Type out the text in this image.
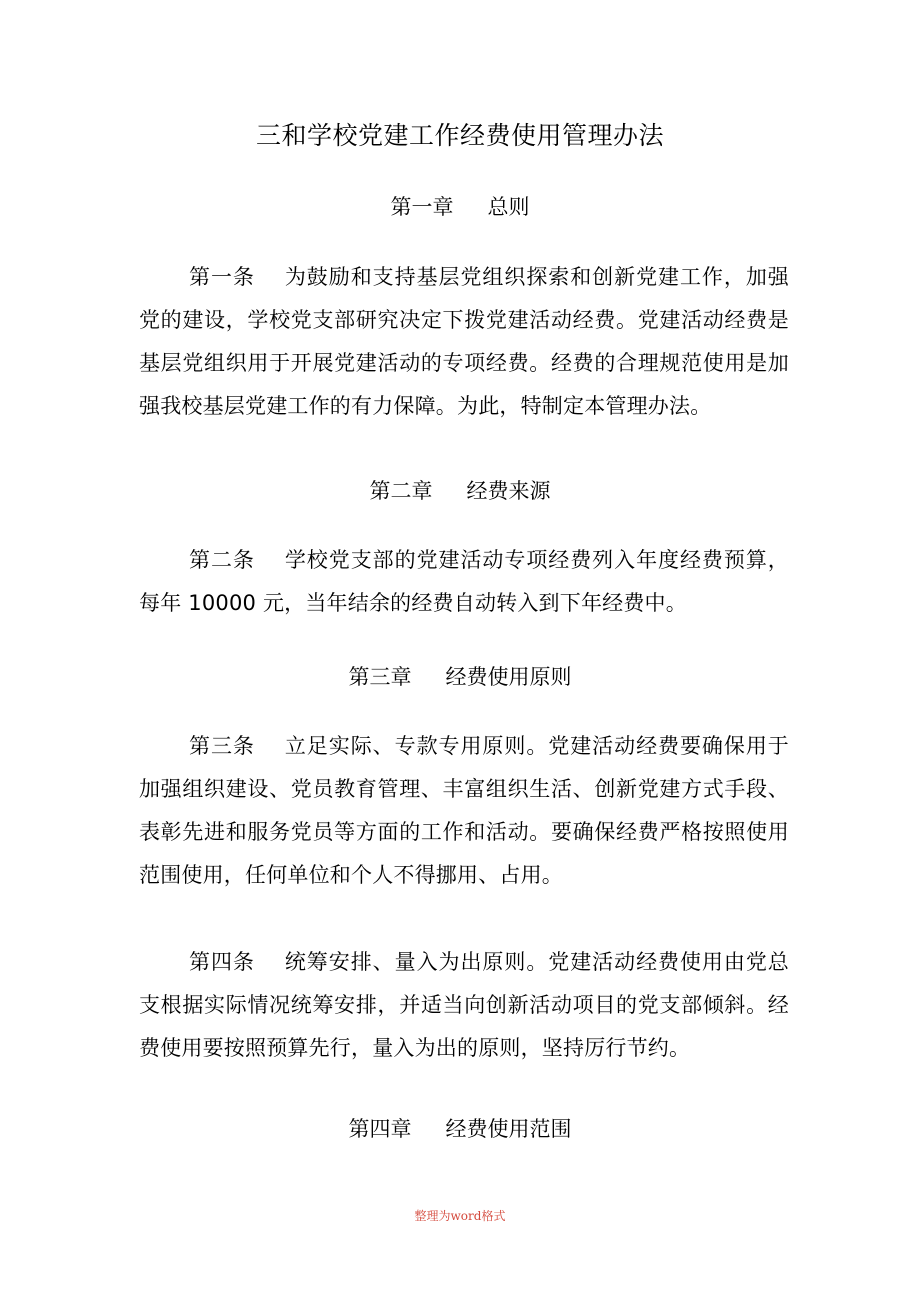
三和学校党建工作经费使用管理办法
第一章 总则
第一条 为鼓励和支持基层党组织探索和创新党建工作，加强党的建设，学校党支部研究决定下拨党建活动经费。党建活动经费是基层党组织用于开展党建活动的专项经费。经费的合理规范使用是加强我校基层党建工作的有力保障。为此，特制定本管理办法。
第二章 经费来源
第二条 学校党支部的党建活动专项经费列入年度经费预算，每年 10000 元，当年结余的经费自动转入到下年经费中。
第三章 经费使用原则
第三条 立足实际、专款专用原则。党建活动经费要确保用于加强组织建设、党员教育管理、丰富组织生活、创新党建方式手段、表彰先进和服务党员等方面的工作和活动。要确保经费严格按照使用范围使用，任何单位和个人不得挪用、占用。
第四条 统筹安排、量入为出原则。党建活动经费使用由党总支根据实际情况统筹安排，并适当向创新活动项目的党支部倾斜。经费使用要按照预算先行，量入为出的原则，坚持厉行节约。
第四章 经费使用范围
整理为word格式
